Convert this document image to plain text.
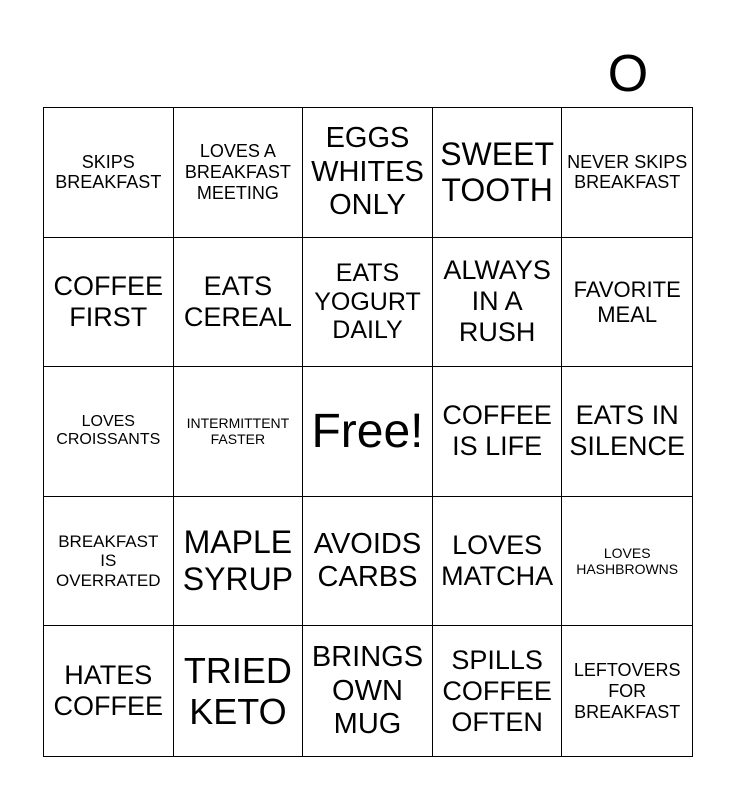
O
SKIPS BREAKFAST
LOVES A BREAKFAST MEETING
EGGS WHITES ONLY
SWEET TOOTH
NEVER SKIPS BREAKFAST
COFFEE FIRST
EATS CEREAL
EATS YOGURT DAILY
ALWAYS IN A RUSH
FAVORITE MEAL
LOVES CROISSANTS
INTERMITTENT FASTER Free! COFFEE IS LIFE
EATS IN SILENCE
BREAKFAST IS OVERRATED
MAPLE SYRUP
AVOIDS CARBS
LOVES MATCHA
LOVES HASHBROWNS
HATES COFFEE
TRIED KETO
BRINGS OWN MUG
SPILLS COFFEE OFTEN
LEFTOVERS FOR BREAKFAST
